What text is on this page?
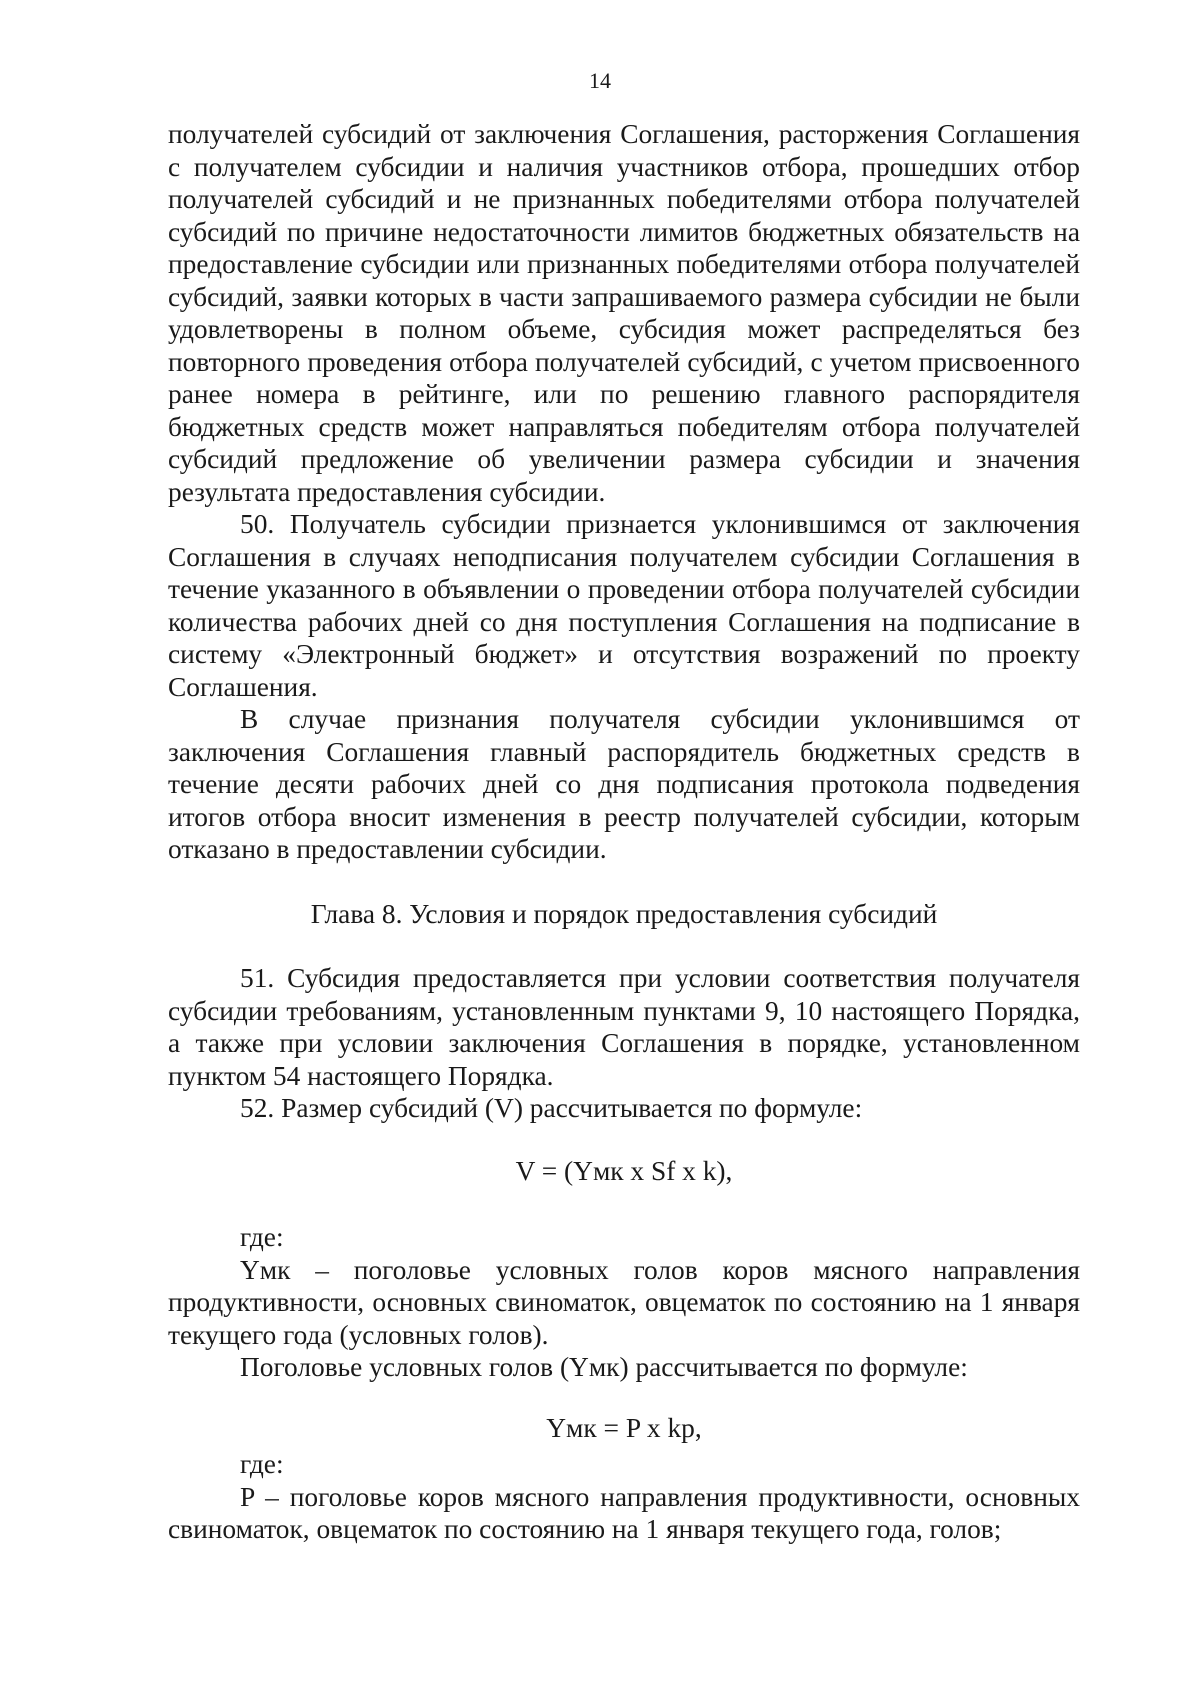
14

получателей субсидий от заключения Соглашения, расторжения Соглашения с получателем субсидии и наличия участников отбора, прошедших отбор получателей субсидий и не признанных победителями отбора получателей субсидий по причине недостаточности лимитов бюджетных обязательств на предоставление субсидии или признанных победителями отбора получателей субсидий, заявки которых в части запрашиваемого размера субсидии не были удовлетворены в полном объеме, субсидия может распределяться без повторного проведения отбора получателей субсидий, с учетом присвоенного ранее номера в рейтинге, или по решению главного распорядителя бюджетных средств может направляться победителям отбора получателей субсидий предложение об увеличении размера субсидии и значения результата предоставления субсидии.

50. Получатель субсидии признается уклонившимся от заключения Соглашения в случаях неподписания получателем субсидии Соглашения в течение указанного в объявлении о проведении отбора получателей субсидии количества рабочих дней со дня поступления Соглашения на подписание в систему «Электронный бюджет» и отсутствия возражений по проекту Соглашения.

В случае признания получателя субсидии уклонившимся от заключения Соглашения главный распорядитель бюджетных средств в течение десяти рабочих дней со дня подписания протокола подведения итогов отбора вносит изменения в реестр получателей субсидии, которым отказано в предоставлении субсидии.

Глава 8. Условия и порядок предоставления субсидий

51. Субсидия предоставляется при условии соответствия получателя субсидии требованиям, установленным пунктами 9, 10 настоящего Порядка, а также при условии заключения Соглашения в порядке, установленном пунктом 54 настоящего Порядка.

52. Размер субсидий (V) рассчитывается по формуле:

V = (Yмк x Sf x k),

где:

Yмк – поголовье условных голов коров мясного направления продуктивности, основных свиноматок, овцематок по состоянию на 1 января текущего года (условных голов).

Поголовье условных голов (Yмк) рассчитывается по формуле:

Yмк = P x kp,

где:

P – поголовье коров мясного направления продуктивности, основных свиноматок, овцематок по состоянию на 1 января текущего года, голов;
